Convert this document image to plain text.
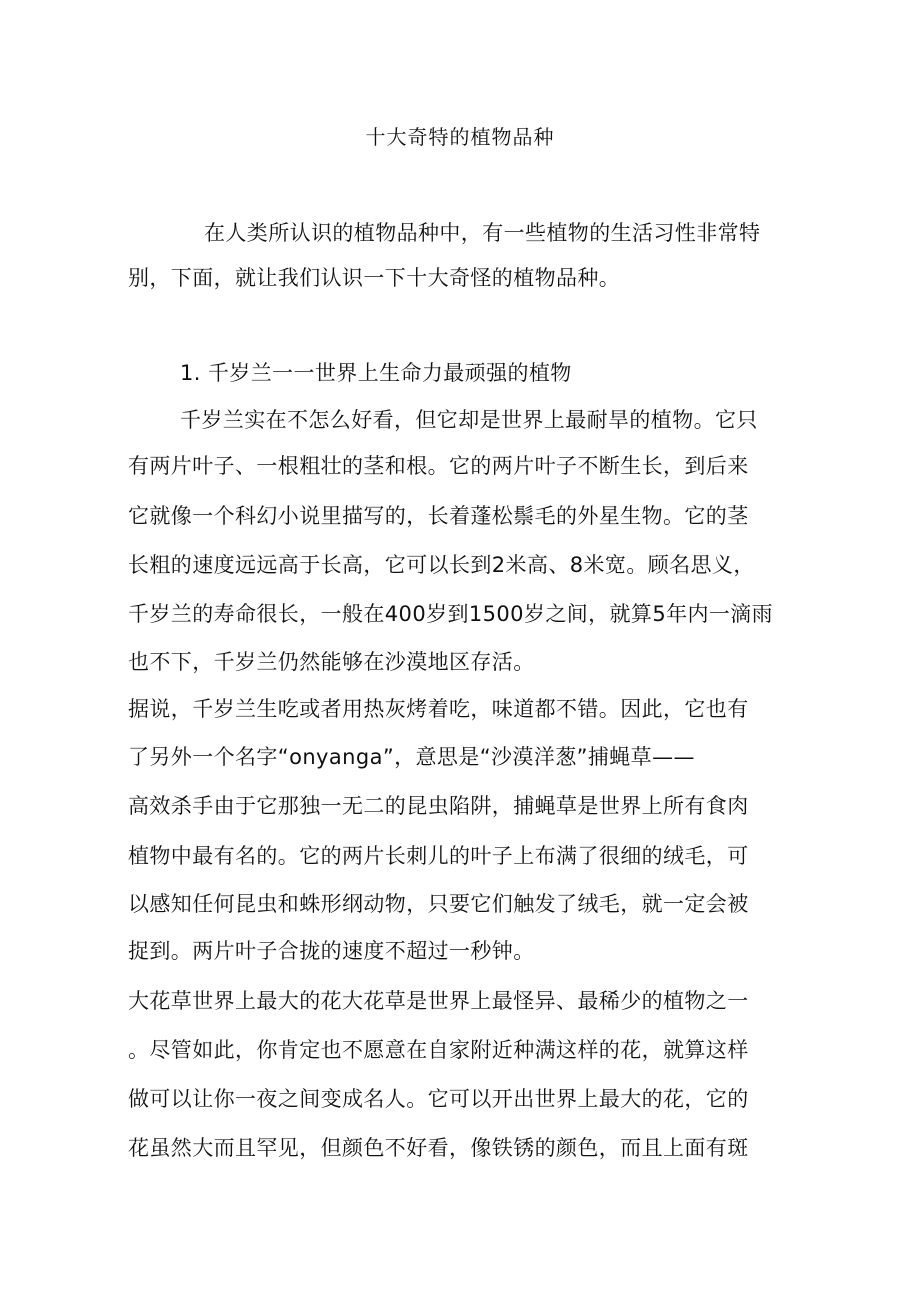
十大奇特的植物品种
在人类所认识的植物品种中，有一些植物的生活习性非常特
别，下面，就让我们认识一下十大奇怪的植物品种。
1. 千岁兰一一世界上生命力最顽强的植物
千岁兰实在不怎么好看，但它却是世界上最耐旱的植物。它只
有两片叶子、一根粗壮的茎和根。它的两片叶子不断生长，到后来
它就像一个科幻小说里描写的，长着蓬松鬃毛的外星生物。它的茎
长粗的速度远远高于长高，它可以长到2米高、8米宽。顾名思义，
千岁兰的寿命很长，一般在400岁到1500岁之间，就算5年内一滴雨
也不下，千岁兰仍然能够在沙漠地区存活。
据说，千岁兰生吃或者用热灰烤着吃，味道都不错。因此，它也有
了另外一个名字“onyanga”，意思是“沙漠洋葱”捕蝇草——
高效杀手由于它那独一无二的昆虫陷阱，捕蝇草是世界上所有食肉
植物中最有名的。它的两片长刺儿的叶子上布满了很细的绒毛，可
以感知任何昆虫和蛛形纲动物，只要它们触发了绒毛，就一定会被
捉到。两片叶子合拢的速度不超过一秒钟。
大花草世界上最大的花大花草是世界上最怪异、最稀少的植物之一
。尽管如此，你肯定也不愿意在自家附近种满这样的花，就算这样
做可以让你一夜之间变成名人。它可以开出世界上最大的花，它的
花虽然大而且罕见，但颜色不好看，像铁锈的颜色，而且上面有斑
